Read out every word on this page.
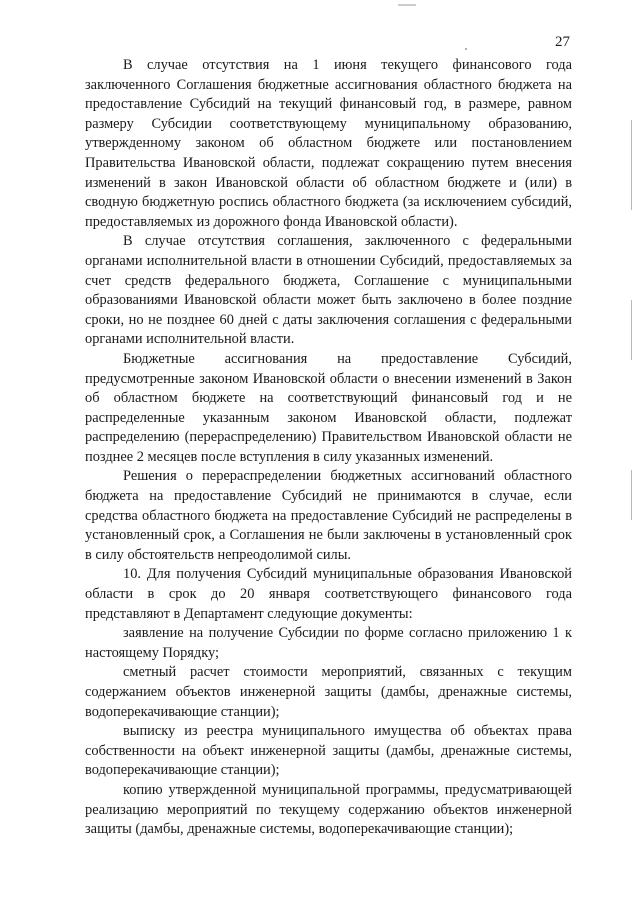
27

В случае отсутствия на 1 июня текущего финансового года заключенного Соглашения бюджетные ассигнования областного бюджета на предоставление Субсидий на текущий финансовый год, в размере, равном размеру Субсидии соответствующему муниципальному образованию, утвержденному законом об областном бюджете или постановлением Правительства Ивановской области, подлежат сокращению путем внесения изменений в закон Ивановской области об областном бюджете и (или) в сводную бюджетную роспись областного бюджета (за исключением субсидий, предоставляемых из дорожного фонда Ивановской области).

В случае отсутствия соглашения, заключенного с федеральными органами исполнительной власти в отношении Субсидий, предоставляемых за счет средств федерального бюджета, Соглашение с муниципальными образованиями Ивановской области может быть заключено в более поздние сроки, но не позднее 60 дней с даты заключения соглашения с федеральными органами исполнительной власти.

Бюджетные ассигнования на предоставление Субсидий, предусмотренные законом Ивановской области о внесении изменений в Закон об областном бюджете на соответствующий финансовый год и не распределенные указанным законом Ивановской области, подлежат распределению (перераспределению) Правительством Ивановской области не позднее 2 месяцев после вступления в силу указанных изменений.

Решения о перераспределении бюджетных ассигнований областного бюджета на предоставление Субсидий не принимаются в случае, если средства областного бюджета на предоставление Субсидий не распределены в установленный срок, а Соглашения не были заключены в установленный срок в силу обстоятельств непреодолимой силы.

10. Для получения Субсидий муниципальные образования Ивановской области в срок до 20 января соответствующего финансового года представляют в Департамент следующие документы:

заявление на получение Субсидии по форме согласно приложению 1 к настоящему Порядку;

сметный расчет стоимости мероприятий, связанных с текущим содержанием объектов инженерной защиты (дамбы, дренажные системы, водоперекачивающие станции);

выписку из реестра муниципального имущества об объектах права собственности на объект инженерной защиты (дамбы, дренажные системы, водоперекачивающие станции);

копию утвержденной муниципальной программы, предусматривающей реализацию мероприятий по текущему содержанию объектов инженерной защиты (дамбы, дренажные системы, водоперекачивающие станции);
